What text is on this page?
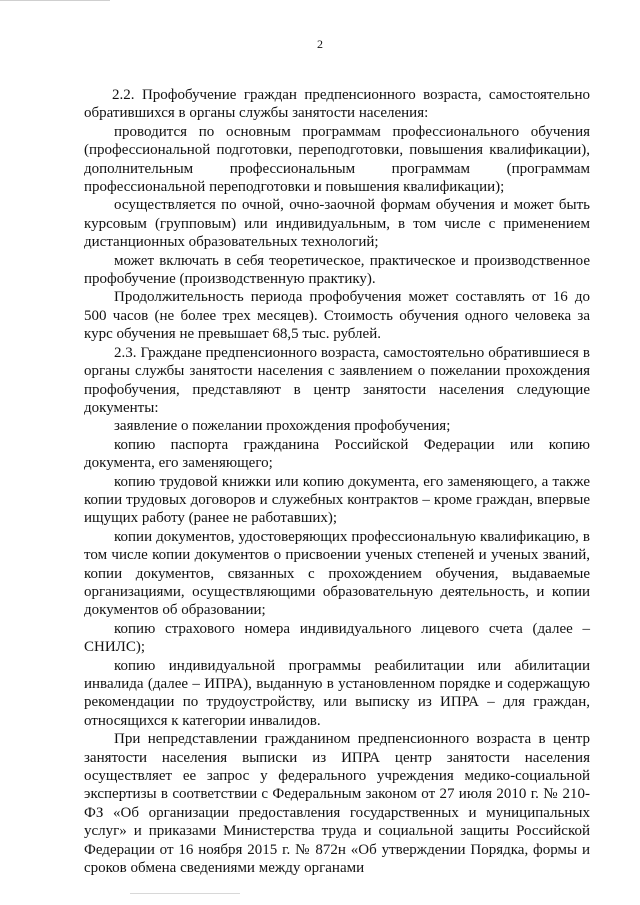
2

2.2. Профобучение граждан предпенсионного возраста, самостоятельно обратившихся в органы службы занятости населения:

проводится по основным программам профессионального обучения (профессиональной подготовки, переподготовки, повышения квалификации), дополнительным профессиональным программам (программам профессиональной переподготовки и повышения квалификации);

осуществляется по очной, очно-заочной формам обучения и может быть курсовым (групповым) или индивидуальным, в том числе с применением дистанционных образовательных технологий;

может включать в себя теоретическое, практическое и производственное профобучение (производственную практику).

Продолжительность периода профобучения может составлять от 16 до 500 часов (не более трех месяцев). Стоимость обучения одного человека за курс обучения не превышает 68,5 тыс. рублей.

2.3. Граждане предпенсионного возраста, самостоятельно обратившиеся в органы службы занятости населения с заявлением о пожелании прохождения профобучения, представляют в центр занятости населения следующие документы:

заявление о пожелании прохождения профобучения;

копию паспорта гражданина Российской Федерации или копию документа, его заменяющего;

копию трудовой книжки или копию документа, его заменяющего, а также копии трудовых договоров и служебных контрактов – кроме граждан, впервые ищущих работу (ранее не работавших);

копии документов, удостоверяющих профессиональную квалификацию, в том числе копии документов о присвоении ученых степеней и ученых званий, копии документов, связанных с прохождением обучения, выдаваемые организациями, осуществляющими образовательную деятельность, и копии документов об образовании;

копию страхового номера индивидуального лицевого счета (далее – СНИЛС);

копию индивидуальной программы реабилитации или абилитации инвалида (далее – ИПРА), выданную в установленном порядке и содержащую рекомендации по трудоустройству, или выписку из ИПРА – для граждан, относящихся к категории инвалидов.

При непредставлении гражданином предпенсионного возраста в центр занятости населения выписки из ИПРА центр занятости населения осуществляет ее запрос у федерального учреждения медико-социальной экспертизы в соответствии с Федеральным законом от 27 июля 2010 г. № 210-ФЗ «Об организации предоставления государственных и муниципальных услуг» и приказами Министерства труда и социальной защиты Российской Федерации от 16 ноября 2015 г. № 872н «Об утверждении Порядка, формы и сроков обмена сведениями между органами
